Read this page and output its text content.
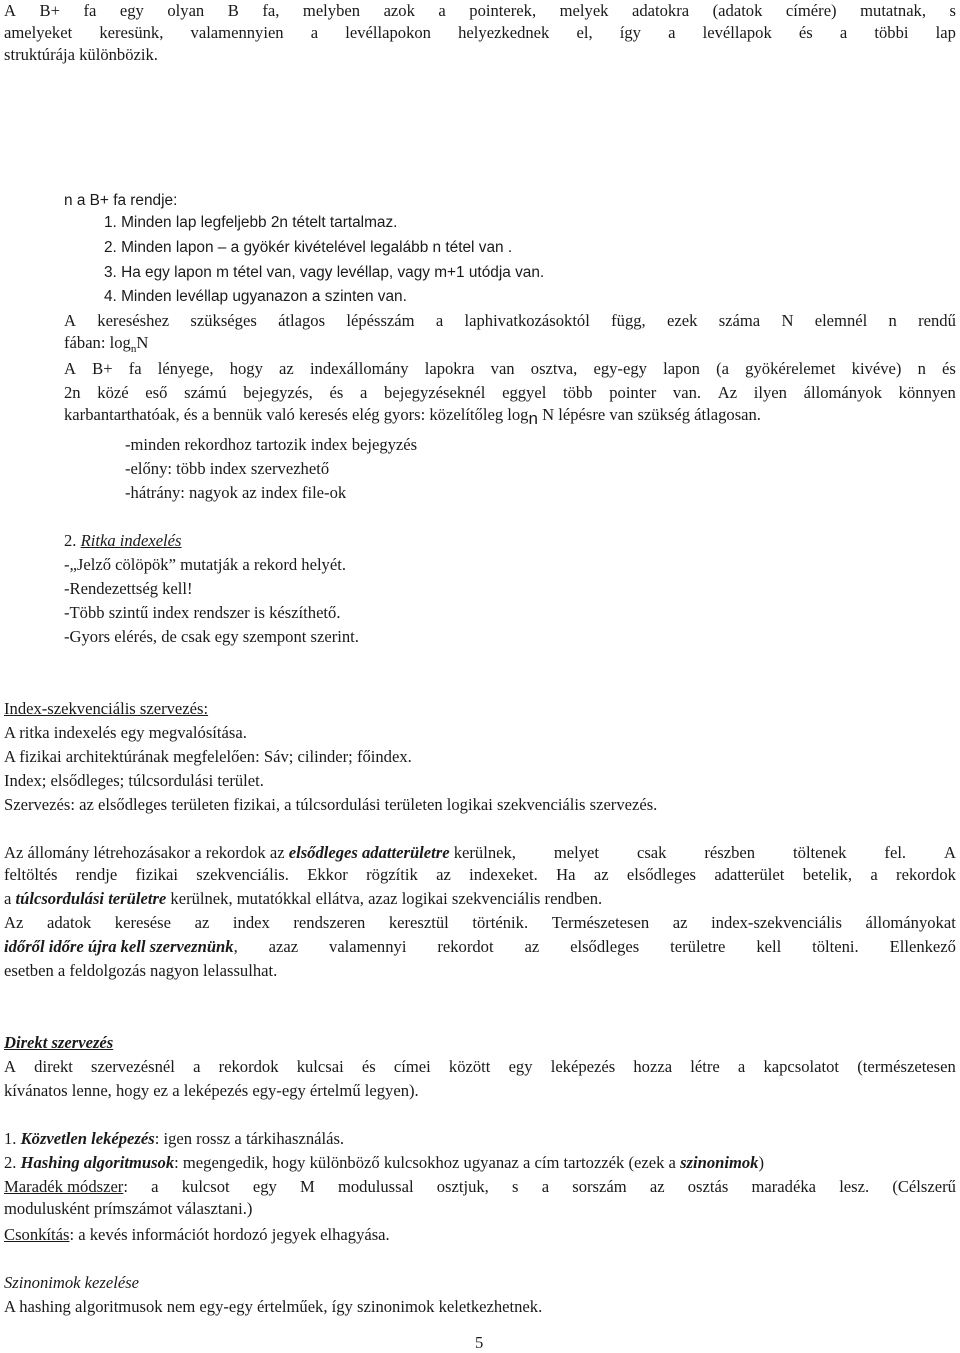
A B+ fa egy olyan B fa, melyben azok a pointerek, melyek adatokra (adatok címére) mutatnak, s
amelyeket keresünk, valamennyien a levéllapokon helyezkednek el, így a levéllapok és a többi lap
struktúrája különbözik.
n a B+ fa rendje:
1. Minden lap legfeljebb 2n tételt tartalmaz.
2. Minden lapon – a gyökér kivételével legalább n tétel van .
3. Ha egy lapon m tétel van, vagy levéllap, vagy m+1 utódja van.
4. Minden levéllap ugyanazon a szinten van.
A kereséshez szükséges átlagos lépésszám a laphivatkozásoktól függ, ezek száma N elemnél n rendű
fában: $\log_nN$
A B+ fa lényege, hogy az indexállomány lapokra van osztva, egy-egy lapon (a gyökérelemet kivéve) n és
2n közé eső számú bejegyzés, és a bejegyzéseknél eggyel több pointer van. Az ilyen állományok könnyen
karbantarthatóak, és a bennük való keresés elég gyors: közelítőleg logn N lépésre van szükség átlagosan.
-minden rekordhoz tartozik index bejegyzés
-előny: több index szervezhető
-hátrány: nagyok az index file-ok
2. Ritka indexelés
-„Jelző cölöpök” mutatják a rekord helyét.
-Rendezettség kell!
-Több szintű index rendszer is készíthető.
-Gyors elérés, de csak egy szempont szerint.
Index-szekvenciális szervezés:
A ritka indexelés egy megvalósítása.
A fizikai architektúrának megfelelően: Sáv; cilinder; főindex.
Index; elsődleges; túlcsordulási terület.
Szervezés: az elsődleges területen fizikai, a túlcsordulási területen logikai szekvenciális szervezés.
Az állomány létrehozásakor a rekordok az elsődleges adatterületre kerülnek, melyet csak részben töltenek fel. A
feltöltés rendje fizikai szekvenciális. Ekkor rögzítik az indexeket. Ha az elsődleges adatterület betelik, a rekordok
a túlcsordulási területre kerülnek, mutatókkal ellátva, azaz logikai szekvenciális rendben.
Az adatok keresése az index rendszeren keresztül történik. Természetesen az index-szekvenciális állományokat
időről időre újra kell szerveznünk , azaz valamennyi rekordot az elsődleges területre kell tölteni. Ellenkező
esetben a feldolgozás nagyon lelassulhat.
Direkt szervezés
A direkt szervezésnél a rekordok kulcsai és címei között egy leképezés hozza létre a kapcsolatot (természetesen
kívánatos lenne, hogy ez a leképezés egy-egy értelmű legyen).
1. Közvetlen leképezés: igen rossz a tárkihasználás.
2. Hashing algoritmusok: megengedik, hogy különböző kulcsokhoz ugyanaz a cím tartozzék (ezek a szinonimok)
Maradék módszer : a kulcsot egy M modulussal osztjuk, s a sorszám az osztás maradéka lesz. (Célszerű
modulusként prímszámot választani.)
Csonkítás: a kevés információt hordozó jegyek elhagyása.
Szinonimok kezelése
A hashing algoritmusok nem egy-egy értelműek, így szinonimok keletkezhetnek.
5
